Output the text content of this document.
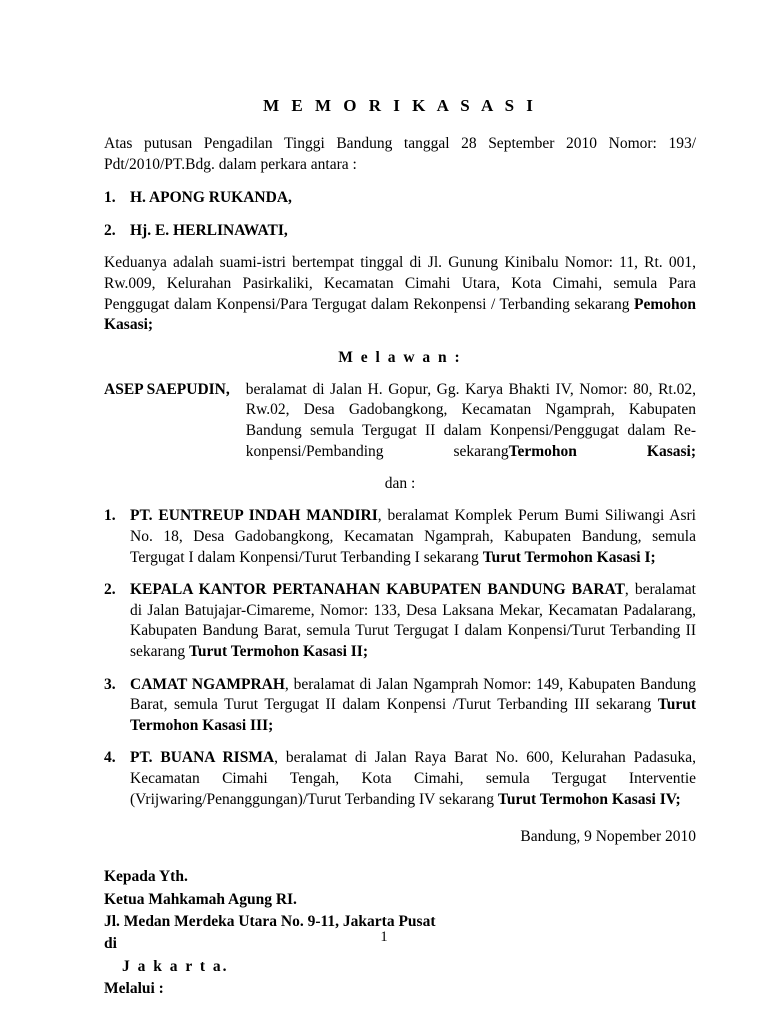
M E M O R I K A S A S I

Atas putusan Pengadilan Tinggi Bandung tanggal 28 September 2010 Nomor: 193/ Pdt/2010/PT.Bdg. dalam perkara antara :

1. H. APONG RUKANDA,
2. Hj. E. HERLINAWATI,

Keduanya adalah suami-istri bertempat tinggal di Jl. Gunung Kinibalu Nomor: 11, Rt. 001, Rw.009, Kelurahan Pasirkaliki, Kecamatan Cimahi Utara, Kota Cimahi, semula Para Penggugat dalam Konpensi/Para Tergugat dalam Rekonpensi / Terbanding sekarang Pemohon Kasasi;

M e l a w a n :
ASEP SAEPUDIN,	beralamat di Jalan H. Gopur, Gg. Karya Bhakti IV, Nomor: 80, Rt.02, Rw.02, Desa Gadobangkong, Kecamatan Ngamprah, Kabupaten Bandung semula Tergugat II dalam Konpensi/Penggugat dalam Re-konpensi/Pembanding sekarangTermohon Kasasi;
dan :
1. PT. EUNTREUP INDAH MANDIRI, beralamat Komplek Perum Bumi Siliwangi Asri No. 18, Desa Gadobangkong, Kecamatan Ngamprah, Kabupaten Bandung, semula Tergugat I dalam Konpensi/Turut Terbanding I sekarang Turut Termohon Kasasi I;
2. KEPALA KANTOR PERTANAHAN KABUPATEN BANDUNG BARAT, beralamat di Jalan Batujajar-Cimareme, Nomor: 133, Desa Laksana Mekar, Kecamatan Padalarang, Kabupaten Bandung Barat, semula Turut Tergugat I dalam Konpensi/Turut Terbanding II sekarang Turut Termohon Kasasi II;
3. CAMAT NGAMPRAH, beralamat di Jalan Ngamprah Nomor: 149, Kabupaten Bandung Barat, semula Turut Tergugat II dalam Konpensi /Turut Terbanding III sekarang Turut Termohon Kasasi III;
4. PT. BUANA RISMA, beralamat di Jalan Raya Barat No. 600, Kelurahan Padasuka, Kecamatan Cimahi Tengah, Kota Cimahi, semula Tergugat Interventie (Vrijwaring/Penanggungan)/Turut Terbanding IV sekarang Turut Termohon Kasasi IV;
Bandung, 9 Nopember 2010
Kepada Yth.
Ketua Mahkamah Agung RI.
Jl. Medan Merdeka Utara No. 9-11, Jakarta Pusat
di
J a k a r t a.
Melalui :
1
